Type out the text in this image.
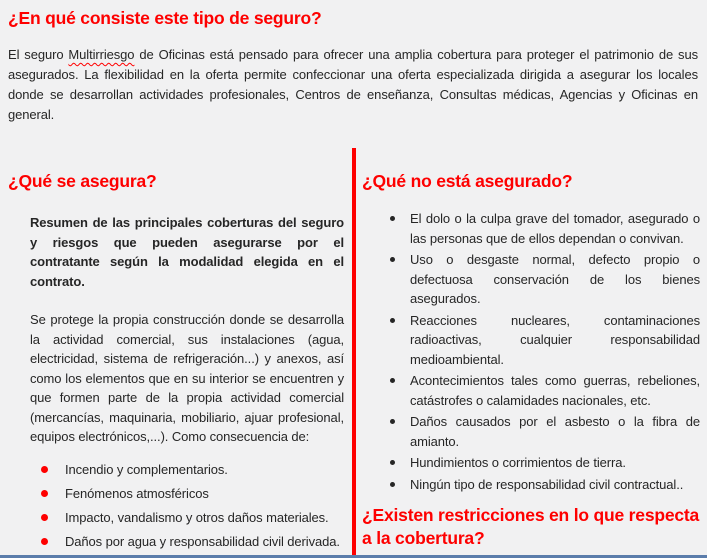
¿En qué consiste este tipo de seguro?

El seguro Multirriesgo de Oficinas está pensado para ofrecer una amplia cobertura para proteger el patrimonio de sus asegurados. La flexibilidad en la oferta permite confeccionar una oferta especializada dirigida a asegurar los locales donde se desarrollan actividades profesionales, Centros de enseñanza, Consultas médicas, Agencias y Oficinas en general.

¿Qué se asegura?

Resumen de las principales coberturas del seguro y riesgos que pueden asegurarse por el contratante según la modalidad elegida en el contrato.

Se protege la propia construcción donde se desarrolla la actividad comercial, sus instalaciones (agua, electricidad, sistema de refrigeración...) y anexos, así como los elementos que en su interior se encuentren y que formen parte de la propia actividad comercial (mercancías, maquinaria, mobiliario, ajuar profesional, equipos electrónicos,...). Como consecuencia de:

Incendio y complementarios.
Fenómenos atmosféricos
Impacto, vandalismo y otros daños materiales.
Daños por agua y responsabilidad civil derivada.
¿Qué no está asegurado?
El dolo o la culpa grave del tomador, asegurado o las personas que de ellos dependan o convivan.
Uso o desgaste normal, defecto propio o defectuosa conservación de los bienes asegurados.
Reacciones nucleares, contaminaciones radioactivas, cualquier responsabilidad medioambiental.
Acontecimientos tales como guerras, rebeliones, catástrofes o calamidades nacionales, etc.
Daños causados por el asbesto o la fibra de amianto.
Hundimientos o corrimientos de tierra.
Ningún tipo de responsabilidad civil contractual..
¿Existen restricciones en lo que respecta a la cobertura?
